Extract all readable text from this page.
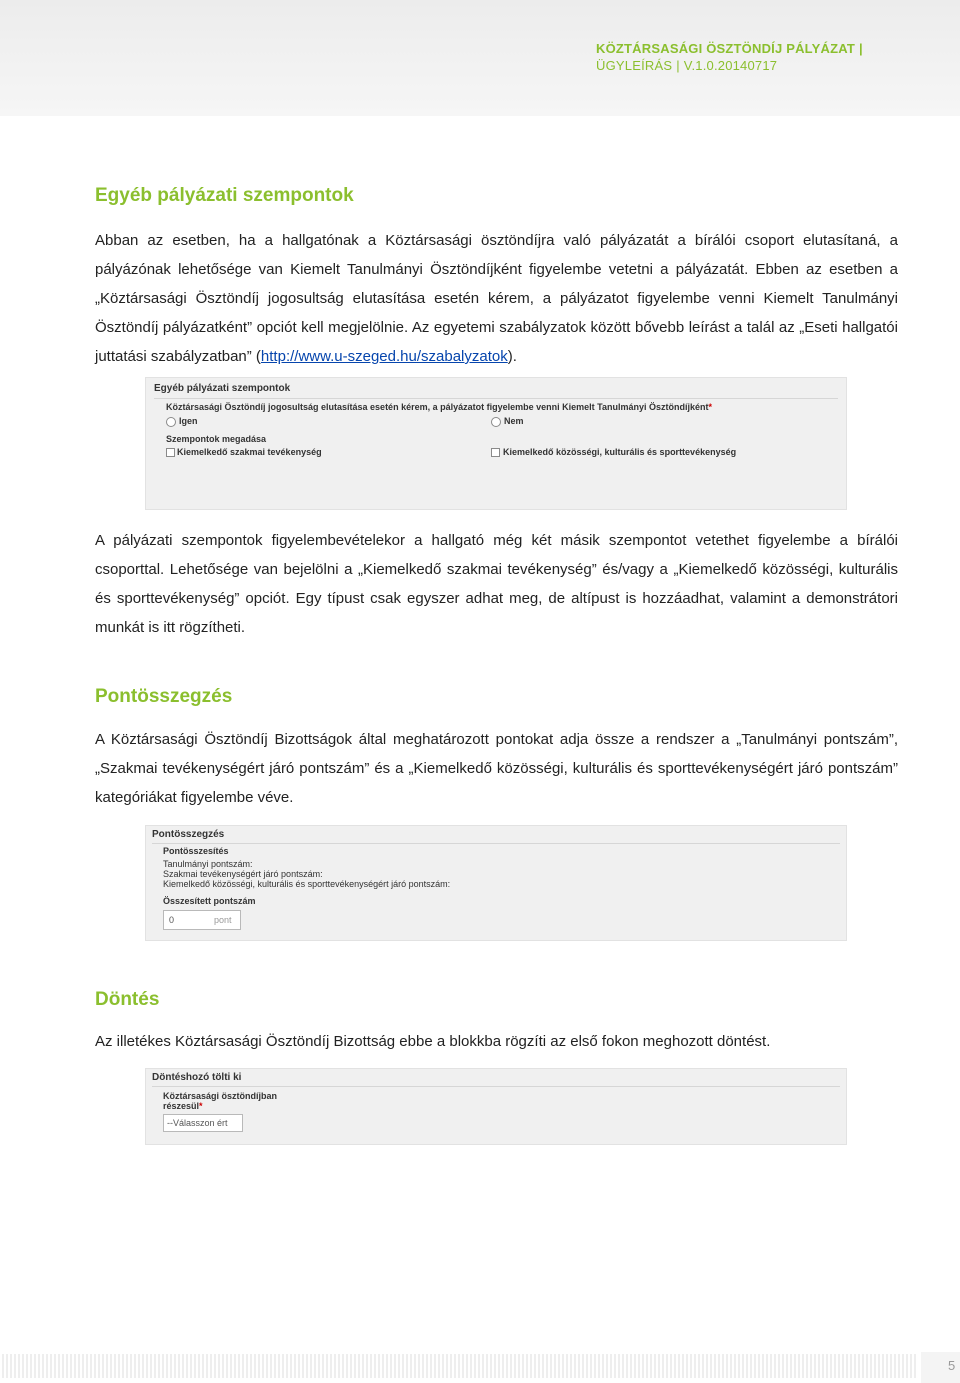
KÖZTÁRSASÁGI ÖSZTÖNDÍJ PÁLYÁZAT |
ÜGYLEÍRÁS | V.1.0.20140717
Egyéb pályázati szempontok

Abban az esetben, ha a hallgatónak a Köztársasági ösztöndíjra való pályázatát a bírálói csoport elutasítaná, a pályázónak lehetősége van Kiemelt Tanulmányi Ösztöndíjként figyelembe vetetni a pályázatát. Ebben az esetben a „Köztársasági Ösztöndíj jogosultság elutasítása esetén kérem, a pályázatot figyelembe venni Kiemelt Tanulmányi Ösztöndíj pályázatként” opciót kell megjelölnie. Az egyetemi szabályzatok között bővebb leírást a talál az „Eseti hallgatói juttatási szabályzatban” (http://www.u-szeged.hu/szabalyzatok).

Egyéb pályázati szempontok
Köztársasági Ösztöndíj jogosultság elutasítása esetén kérem, a pályázatot figyelembe venni Kiemelt Tanulmányi Ösztöndíjként*
Igen	Nem
Szempontok megadása
Kiemelkedő szakmai tevékenység	Kiemelkedő közösségi, kulturális és sporttevékenység

A pályázati szempontok figyelembevételekor a hallgató még két másik szempontot vetethet figyelembe a bírálói csoporttal. Lehetősége van bejelölni a „Kiemelkedő szakmai tevékenység” és/vagy a „Kiemelkedő közösségi, kulturális és sporttevékenység” opciót. Egy típust csak egyszer adhat meg, de altípust is hozzáadhat, valamint a demonstrátori munkát is itt rögzítheti.

Pontösszegzés

A Köztársasági Ösztöndíj Bizottságok által meghatározott pontokat adja össze a rendszer a „Tanulmányi pontszám”, „Szakmai tevékenységért járó pontszám” és a „Kiemelkedő közösségi, kulturális és sporttevékenységért járó pontszám” kategóriákat figyelembe véve.

Pontösszegzés
Pontösszesítés
Tanulmányi pontszám:
Szakmai tevékenységért járó pontszám:
Kiemelkedő közösségi, kulturális és sporttevékenységért járó pontszám:
Összesített pontszám
0	pont
Döntés

Az illetékes Köztársasági Ösztöndíj Bizottság ebbe a blokkba rögzíti az első fokon meghozott döntést.

Döntéshozó tölti ki
Köztársasági ösztöndíjban
részesül*
--Válasszon ért
5
